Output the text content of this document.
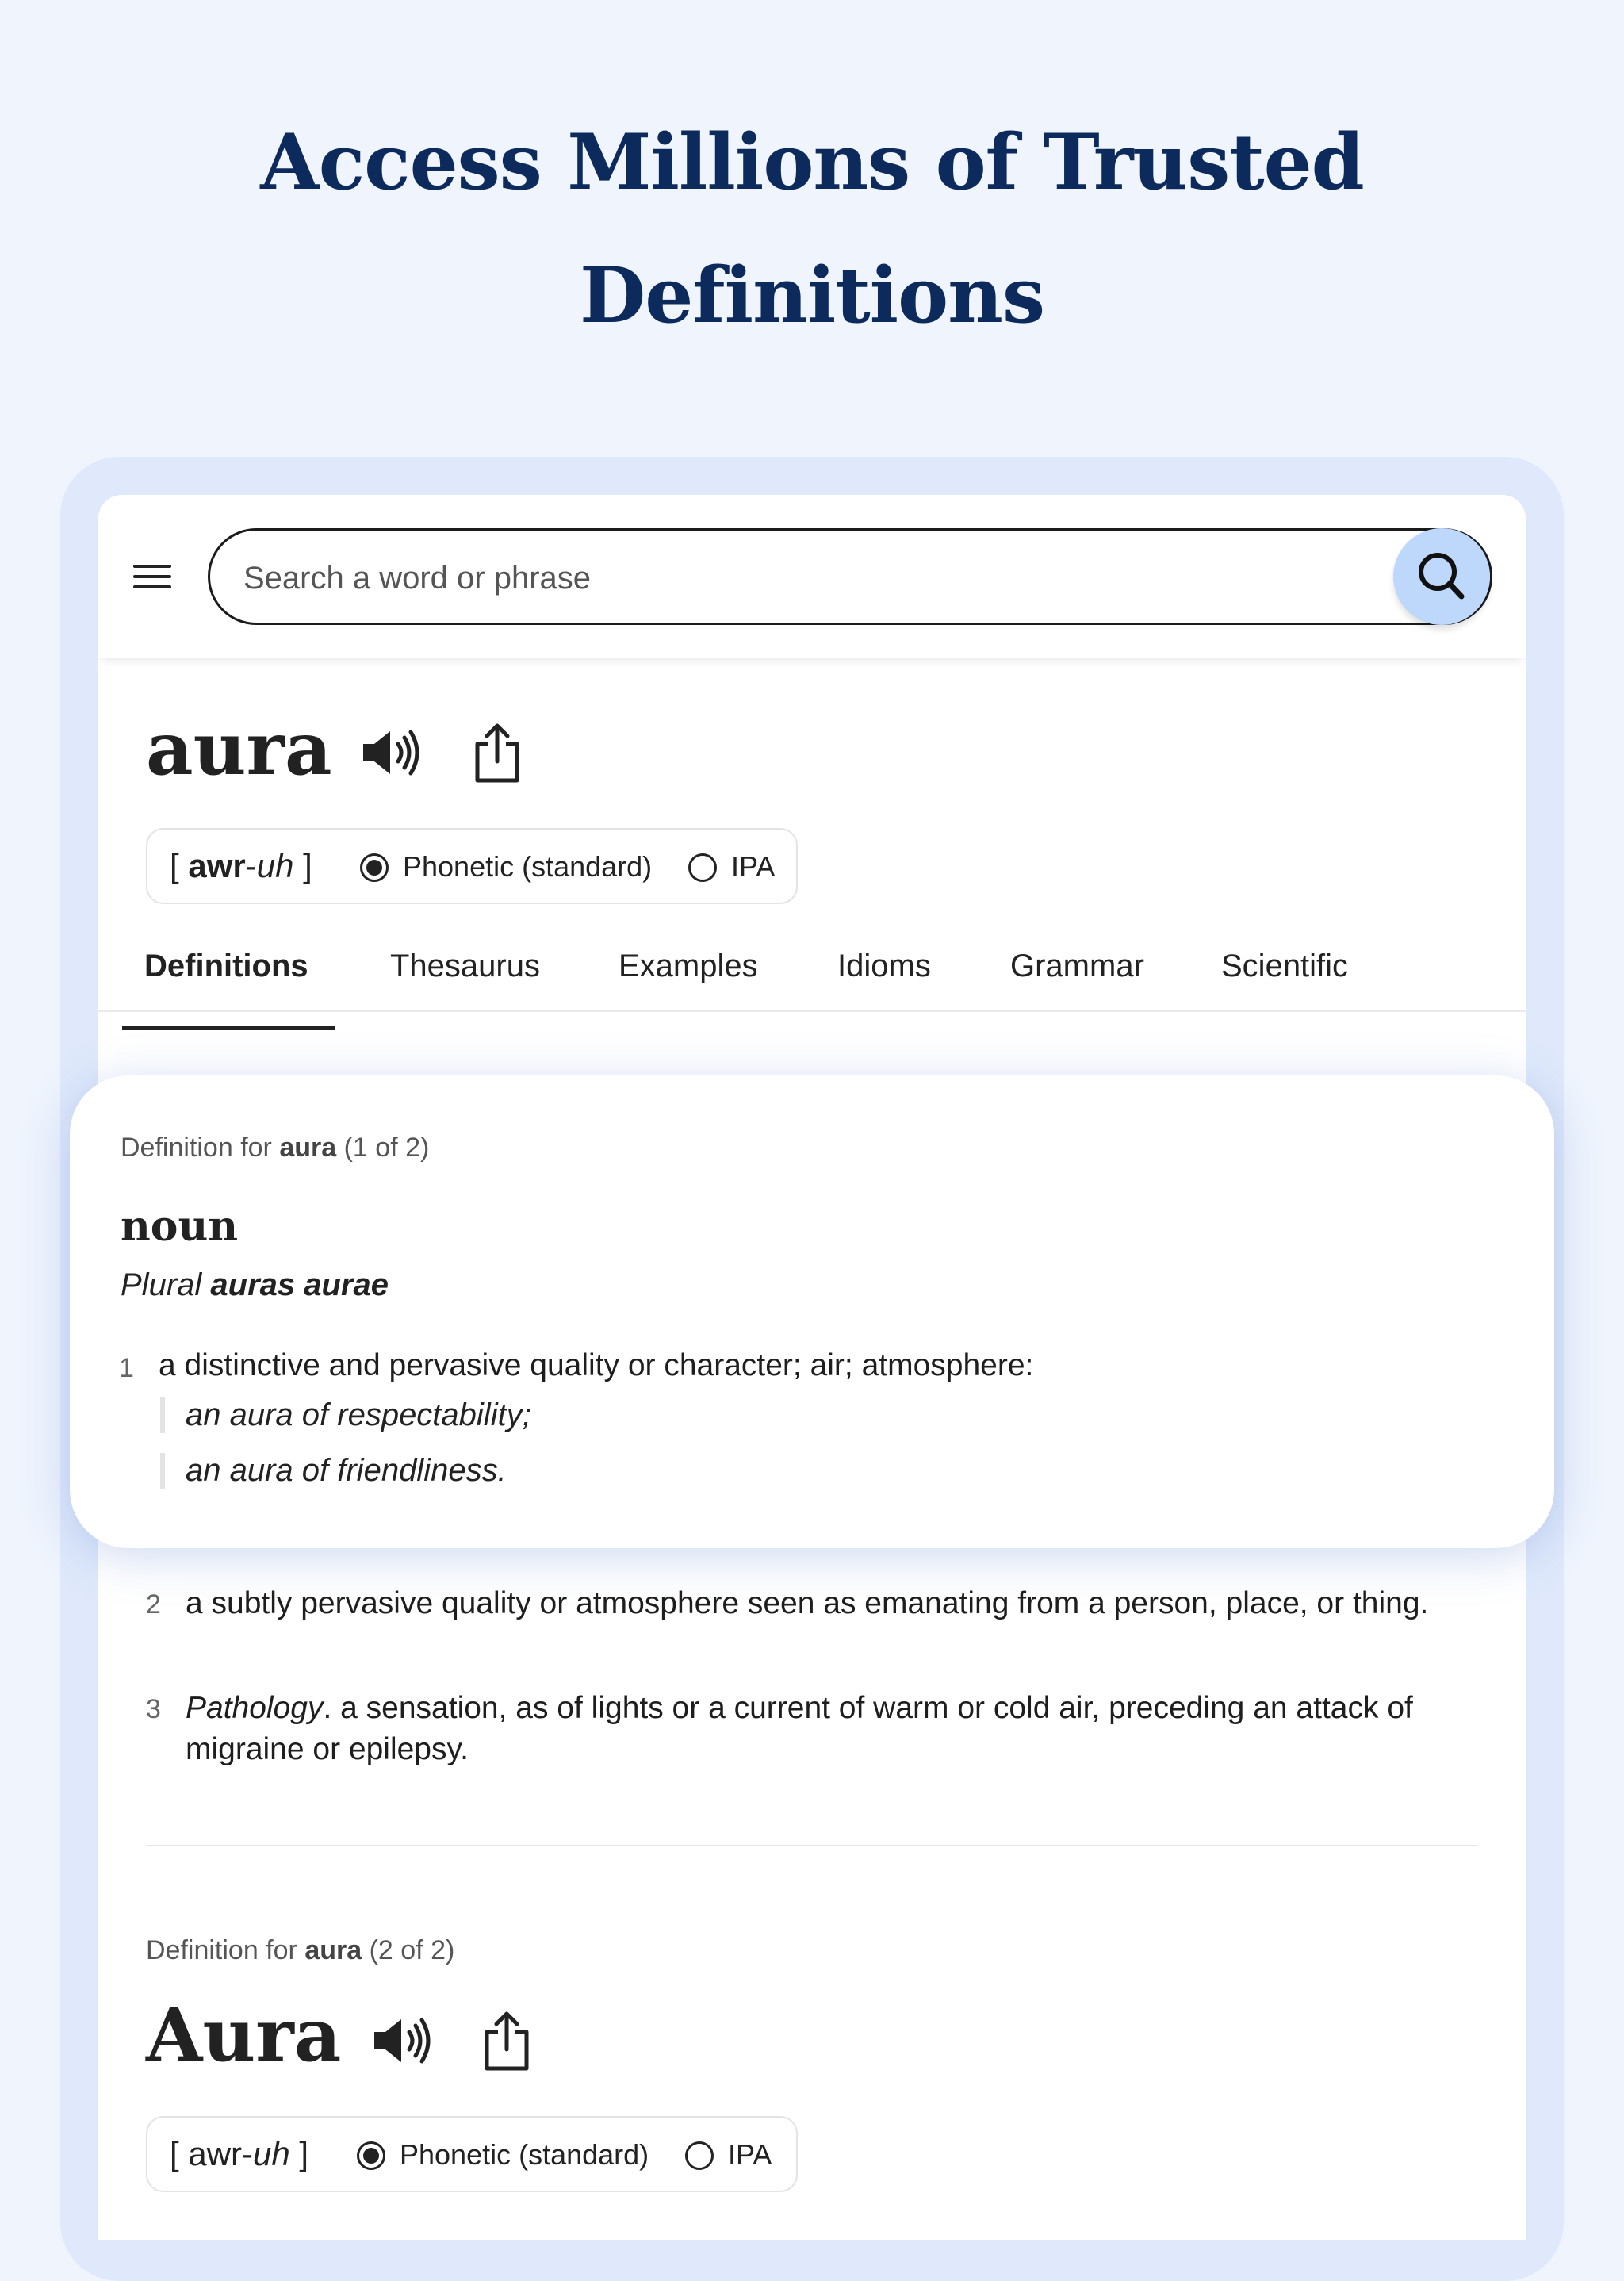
Access Millions of Trusted
Definitions
Search a word or phrase
aura
[ awr-uh ]	Phonetic (standard)	IPA
Definitions	Thesaurus Examples	Idioms	Grammar Scientific
2 a subtly pervasive quality or atmosphere seen as emanating from a person, place, or thing.
3 Pathology. a sensation, as of lights or a current of warm or cold air, preceding an attack of migraine or epilepsy.
Definition for aura (2 of 2)
Aura
[ awr-uh ]	Phonetic (standard)	IPA
Definition for aura (1 of 2)
noun
Plural auras aurae
1 a distinctive and pervasive quality or character; air; atmosphere:
an aura of respectability;
an aura of friendliness.
